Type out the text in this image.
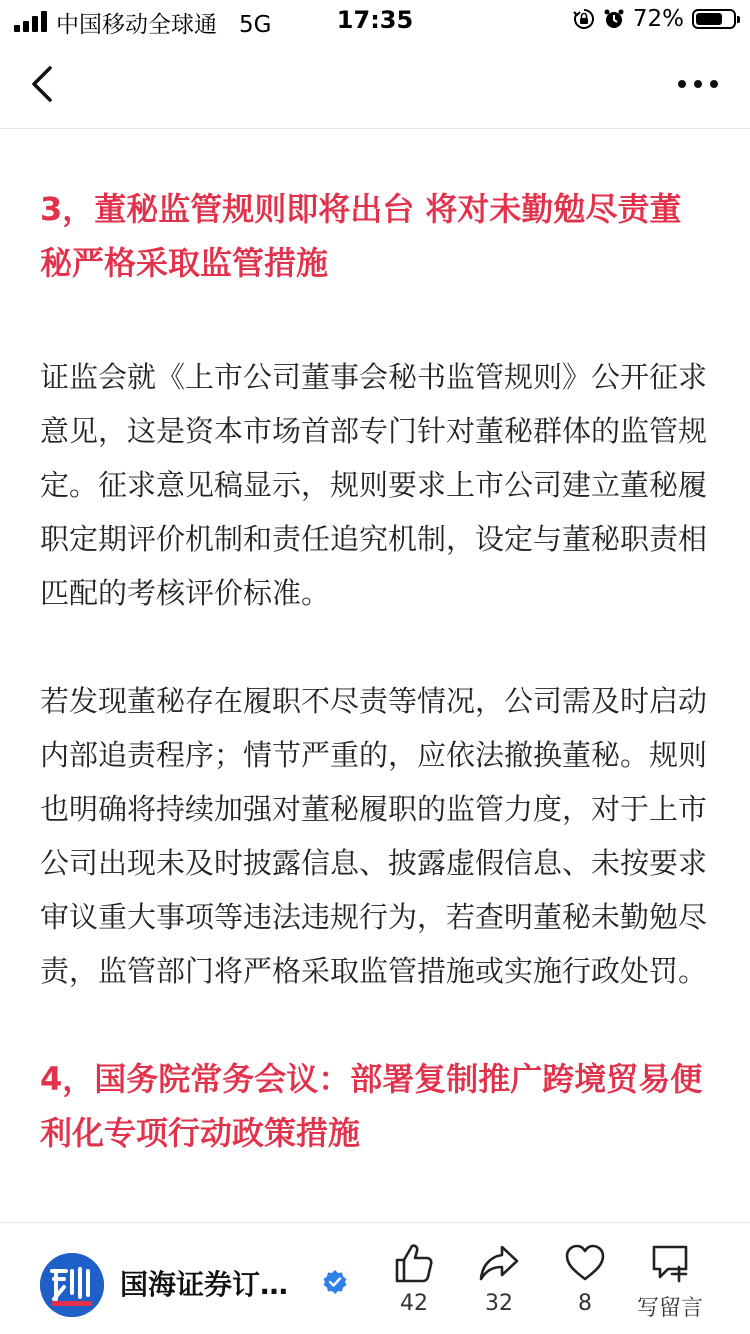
中国移动全球通 5G	17:35	72%
3，董秘监管规则即将出台 将对未勤勉尽责董秘严格采取监管措施

证监会就《上市公司董事会秘书监管规则》公开征求意见，这是资本市场首部专门针对董秘群体的监管规定。征求意见稿显示，规则要求上市公司建立董秘履职定期评价机制和责任追究机制，设定与董秘职责相匹配的考核评价标准。

若发现董秘存在履职不尽责等情况，公司需及时启动内部追责程序；情节严重的，应依法撤换董秘。规则也明确将持续加强对董秘履职的监管力度，对于上市公司出现未及时披露信息、披露虚假信息、未按要求审议重大事项等违法违规行为，若查明董秘未勤勉尽责，监管部门将严格采取监管措施或实施行政处罚。

4，国务院常务会议：部署复制推广跨境贸易便利化专项行动政策措施
国海证券订…
42	32	8	写留言
